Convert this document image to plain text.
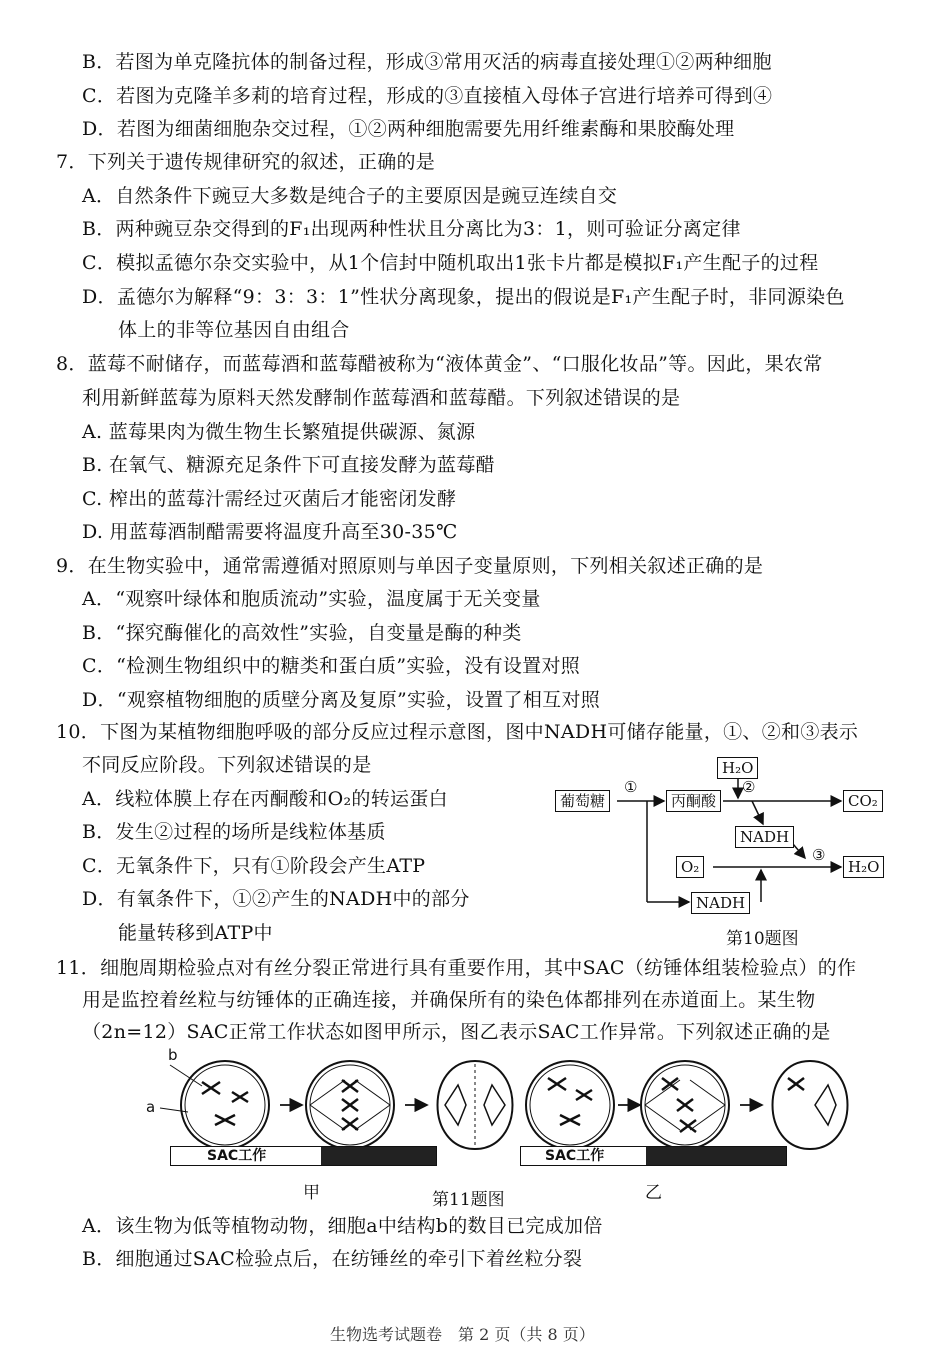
B．若图为单克隆抗体的制备过程，形成③常用灭活的病毒直接处理①②两种细胞
C．若图为克隆羊多莉的培育过程，形成的③直接植入母体子宫进行培养可得到④
D．若图为细菌细胞杂交过程，①②两种细胞需要先用纤维素酶和果胶酶处理
7．下列关于遗传规律研究的叙述，正确的是
A．自然条件下豌豆大多数是纯合子的主要原因是豌豆连续自交
B．两种豌豆杂交得到的F₁出现两种性状且分离比为3：1，则可验证分离定律
C．模拟孟德尔杂交实验中，从1个信封中随机取出1张卡片都是模拟F₁产生配子的过程
D．孟德尔为解释“9：3：3：1”性状分离现象，提出的假说是F₁产生配子时，非同源染色
体上的非等位基因自由组合
8．蓝莓不耐储存，而蓝莓酒和蓝莓醋被称为“液体黄金”、“口服化妆品”等。因此，果农常
利用新鲜蓝莓为原料天然发酵制作蓝莓酒和蓝莓醋。下列叙述错误的是
A. 蓝莓果肉为微生物生长繁殖提供碳源、氮源
B. 在氧气、糖源充足条件下可直接发酵为蓝莓醋
C. 榨出的蓝莓汁需经过灭菌后才能密闭发酵
D. 用蓝莓酒制醋需要将温度升高至30-35℃
9．在生物实验中，通常需遵循对照原则与单因子变量原则，下列相关叙述正确的是
A．“观察叶绿体和胞质流动”实验，温度属于无关变量
B．“探究酶催化的高效性”实验，自变量是酶的种类
C．“检测生物组织中的糖类和蛋白质”实验，没有设置对照
D．“观察植物细胞的质壁分离及复原”实验，设置了相互对照
10．下图为某植物细胞呼吸的部分反应过程示意图，图中NADH可储存能量，①、②和③表示
不同反应阶段。下列叙述错误的是
A．线粒体膜上存在丙酮酸和O₂的转运蛋白
B．发生②过程的场所是线粒体基质
C．无氧条件下，只有①阶段会产生ATP
D．有氧条件下，①②产生的NADH中的部分
能量转移到ATP中
葡萄糖	丙酮酸
H₂O
CO₂
NADH
O₂	H₂O
NADH
①	②
③
第10题图
11．细胞周期检验点对有丝分裂正常进行具有重要作用，其中SAC（纺锤体组装检验点）的作
用是监控着丝粒与纺锤体的正确连接，并确保所有的染色体都排列在赤道面上。某生物
（2n=12）SAC正常工作状态如图甲所示，图乙表示SAC工作异常。下列叙述正确的是
b
a
SAC工作	SAC工作
甲	乙
第11题图
A．该生物为低等植物动物，细胞a中结构b的数目已完成加倍
B．细胞通过SAC检验点后，在纺锤丝的牵引下着丝粒分裂
生物选考试题卷　第 2 页（共 8 页）
